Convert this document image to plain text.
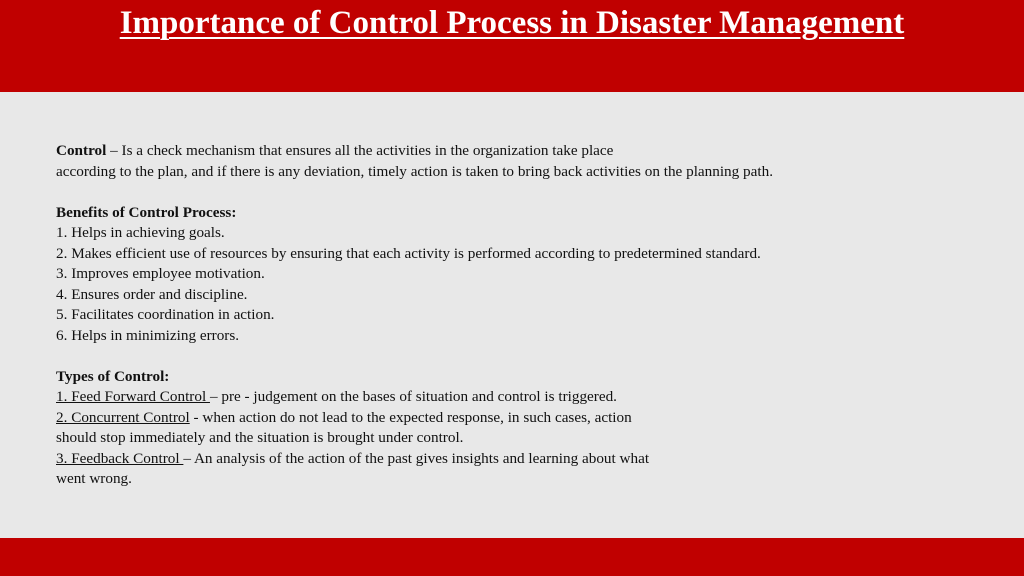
Importance of Control Process in Disaster Management

Control – Is a check mechanism that ensures all the activities in the organization take place

according to the plan, and if there is any deviation, timely action is taken to bring back activities on the planning path.

Benefits of Control Process:

1. Helps in achieving goals.

2. Makes efficient use of resources by ensuring that each activity is performed according to predetermined standard.

3. Improves employee motivation.

4. Ensures order and discipline.

5. Facilitates coordination in action.

6. Helps in minimizing errors.

Types of Control:

1. Feed Forward Control – pre - judgement on the bases of situation and control is triggered.

2. Concurrent Control - when action do not lead to the expected response, in such cases, action

should stop immediately and the situation is brought under control.

3. Feedback Control – An analysis of the action of the past gives insights and learning about what

went wrong.
